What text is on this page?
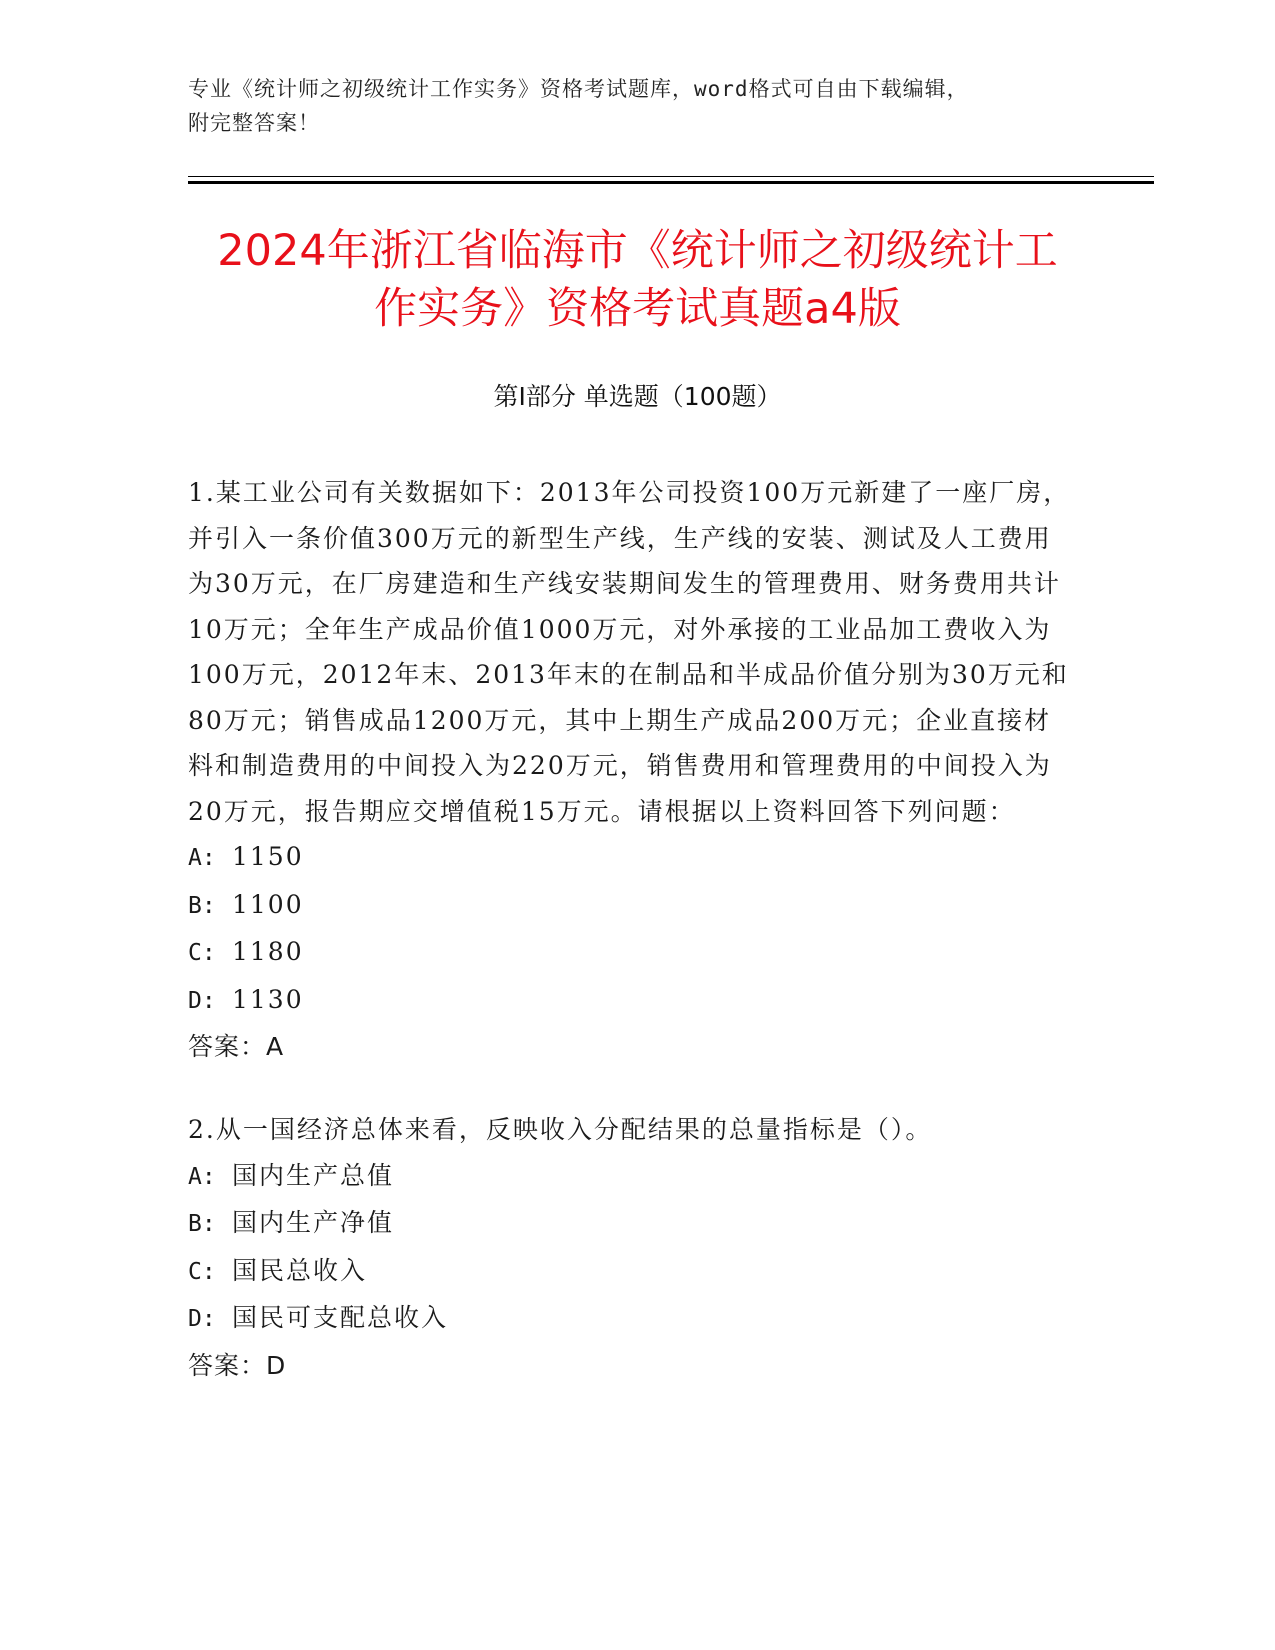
专业《统计师之初级统计工作实务》资格考试题库，word格式可自由下载编辑，
附完整答案！
2024年浙江省临海市《统计师之初级统计工
作实务》资格考试真题a4版
第I部分 单选题（100题）

1.某工业公司有关数据如下：2013年公司投资100万元新建了一座厂房，并引入一条价值300万元的新型生产线，生产线的安装、测试及人工费用为30万元，在厂房建造和生产线安装期间发生的管理费用、财务费用共计10万元；全年生产成品价值1000万元，对外承接的工业品加工费收入为100万元，2012年末、2013年末的在制品和半成品价值分别为30万元和80万元；销售成品1200万元，其中上期生产成品200万元；企业直接材料和制造费用的中间投入为220万元，销售费用和管理费用的中间投入为20万元，报告期应交增值税15万元。请根据以上资料回答下列问题：

A: 1150

B: 1100

C: 1180

D: 1130

答案：A

2.从一国经济总体来看，反映收入分配结果的总量指标是（）。

A: 国内生产总值

B: 国内生产净值

C: 国民总收入

D: 国民可支配总收入

答案：D
